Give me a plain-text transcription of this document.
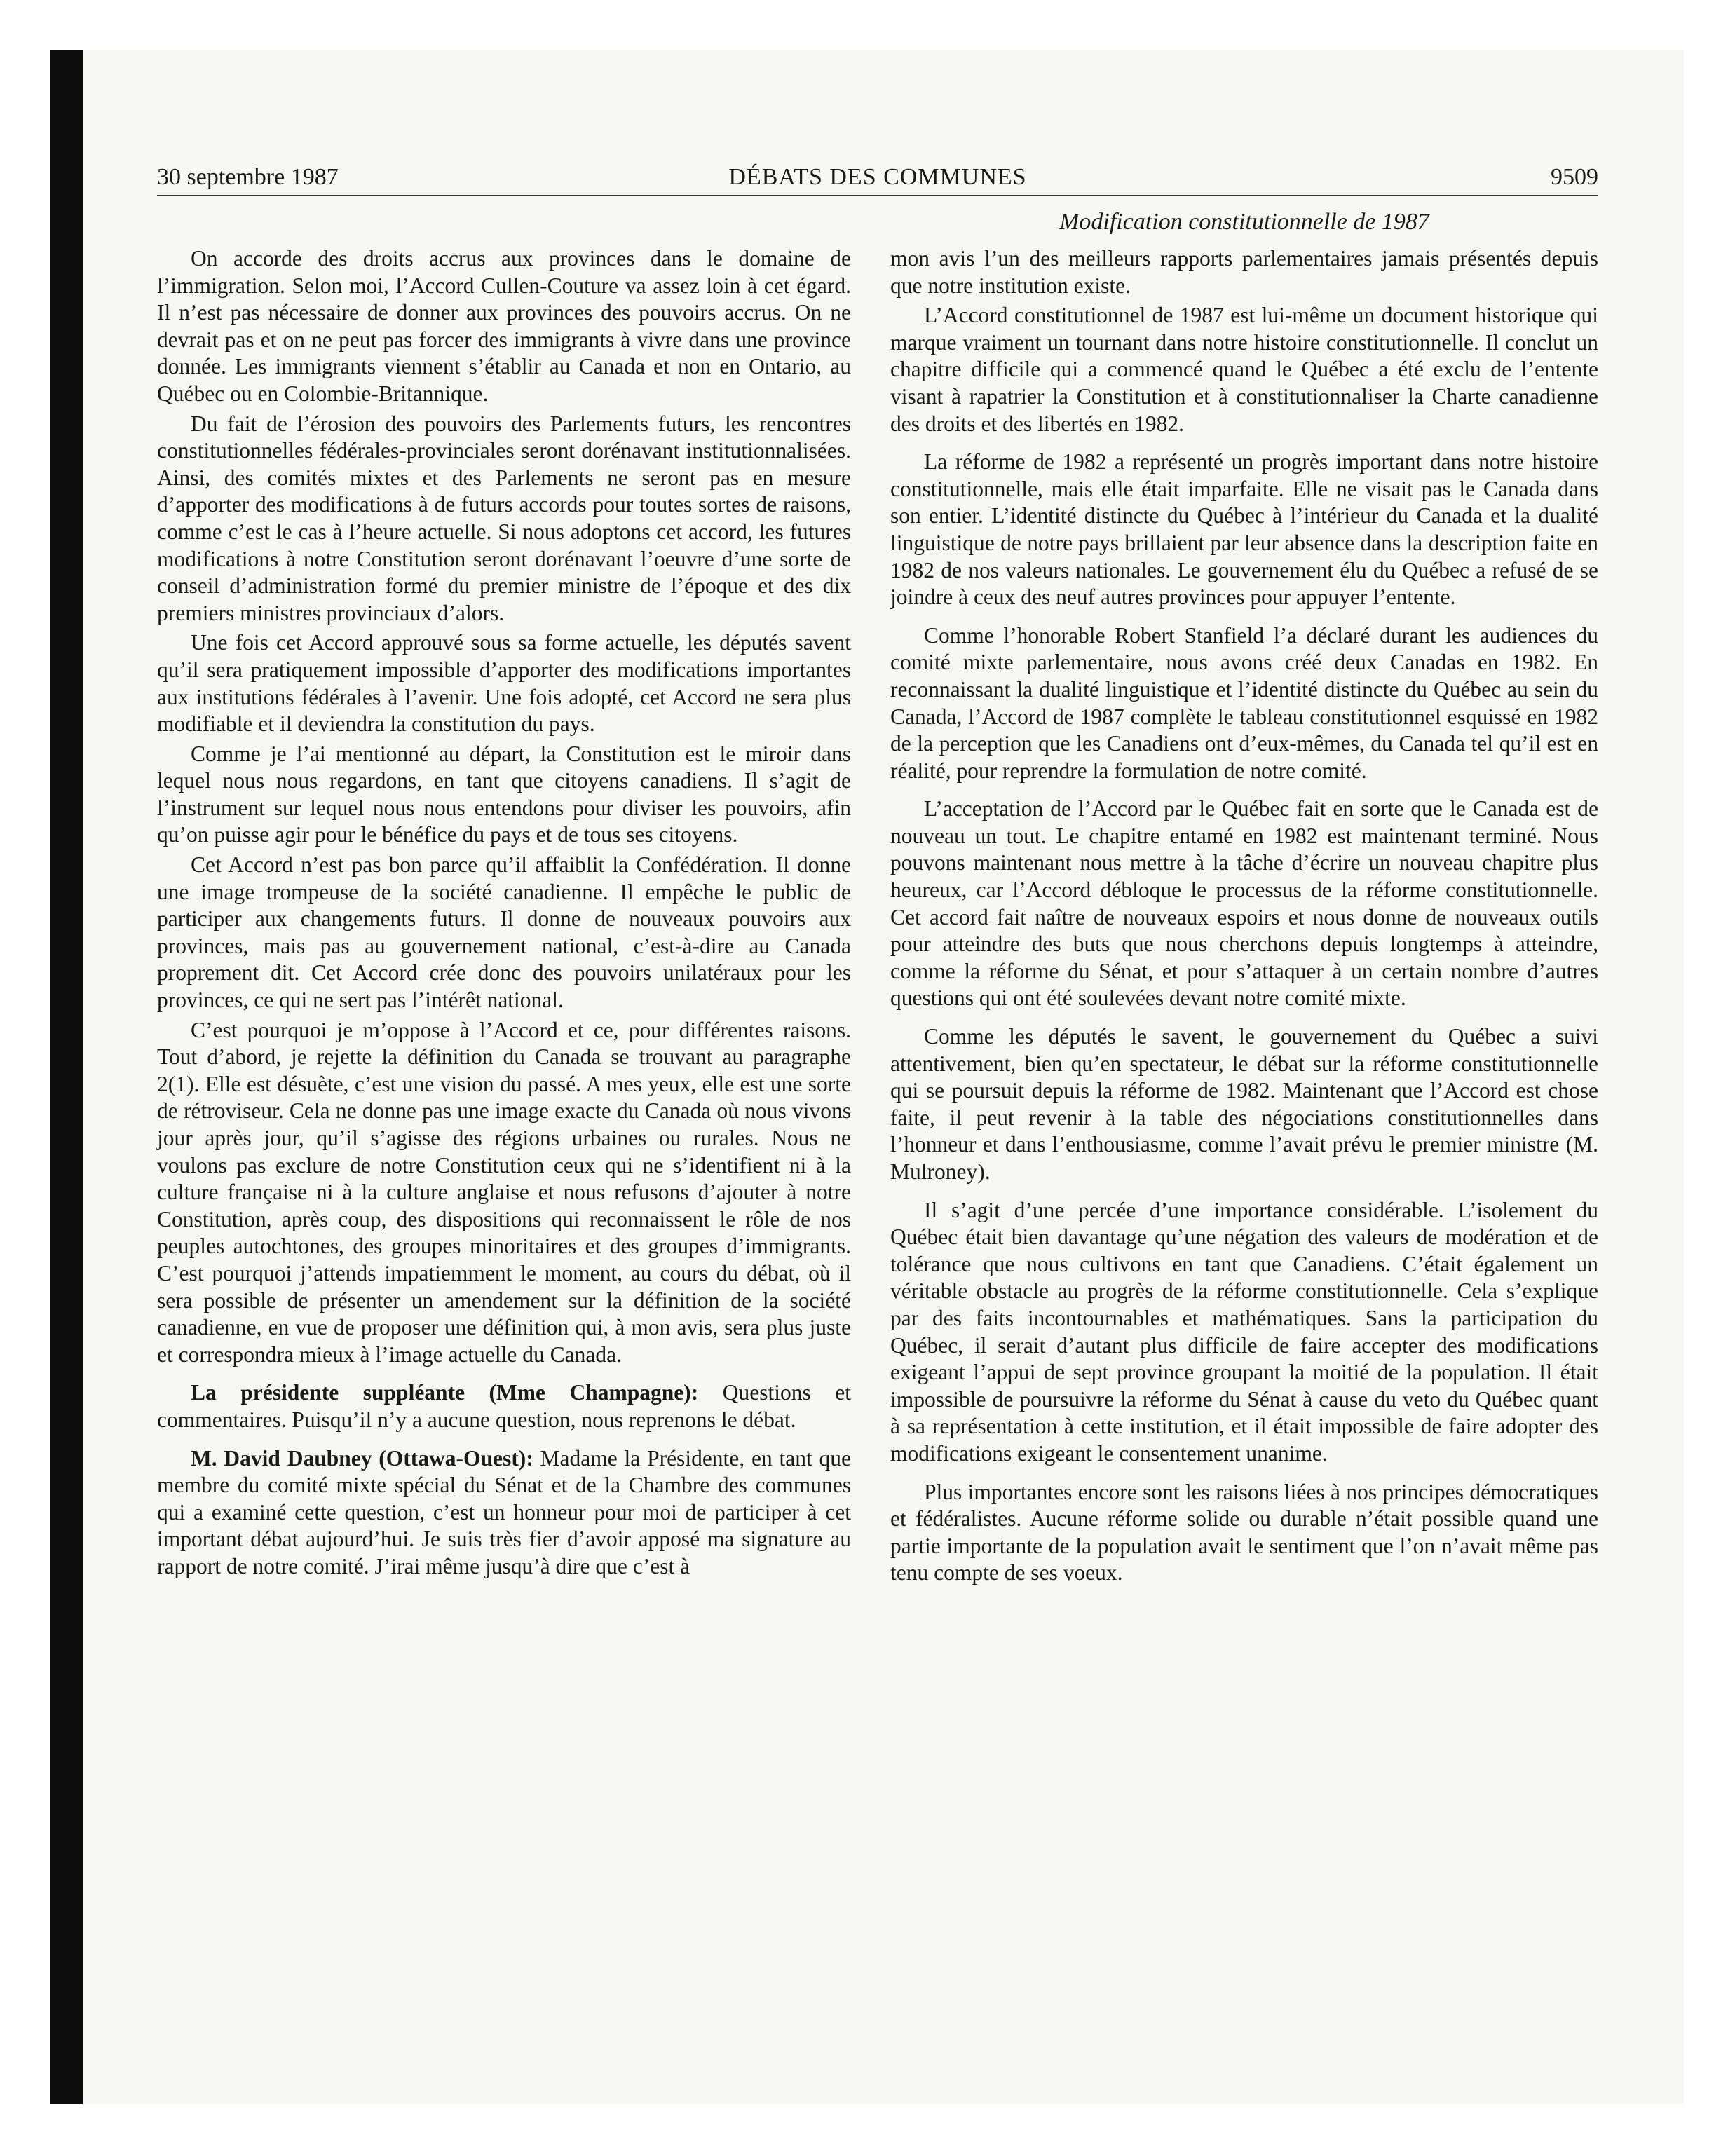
30 septembre 1987	DÉBATS DES COMMUNES	9509
Modification constitutionnelle de 1987

On accorde des droits accrus aux provinces dans le domaine de l’immigration. Selon moi, l’Accord Cullen-Couture va assez loin à cet égard. Il n’est pas nécessaire de donner aux provinces des pouvoirs accrus. On ne devrait pas et on ne peut pas forcer des immigrants à vivre dans une province donnée. Les immigrants viennent s’établir au Canada et non en Ontario, au Québec ou en Colombie-Britannique.

Du fait de l’érosion des pouvoirs des Parlements futurs, les rencontres constitutionnelles fédérales-provinciales seront dorénavant institutionnalisées. Ainsi, des comités mixtes et des Parlements ne seront pas en mesure d’apporter des modifications à de futurs accords pour toutes sortes de raisons, comme c’est le cas à l’heure actuelle. Si nous adoptons cet accord, les futures modifications à notre Constitution seront dorénavant l’oeuvre d’une sorte de conseil d’administration formé du premier ministre de l’époque et des dix premiers ministres provinciaux d’alors.

Une fois cet Accord approuvé sous sa forme actuelle, les députés savent qu’il sera pratiquement impossible d’apporter des modifications importantes aux institutions fédérales à l’avenir. Une fois adopté, cet Accord ne sera plus modifiable et il deviendra la constitution du pays.

Comme je l’ai mentionné au départ, la Constitution est le miroir dans lequel nous nous regardons, en tant que citoyens canadiens. Il s’agit de l’instrument sur lequel nous nous entendons pour diviser les pouvoirs, afin qu’on puisse agir pour le bénéfice du pays et de tous ses citoyens.

Cet Accord n’est pas bon parce qu’il affaiblit la Confédération. Il donne une image trompeuse de la société canadienne. Il empêche le public de participer aux changements futurs. Il donne de nouveaux pouvoirs aux provinces, mais pas au gouvernement national, c’est-à-dire au Canada proprement dit. Cet Accord crée donc des pouvoirs unilatéraux pour les provinces, ce qui ne sert pas l’intérêt national.

C’est pourquoi je m’oppose à l’Accord et ce, pour différentes raisons. Tout d’abord, je rejette la définition du Canada se trouvant au paragraphe 2(1). Elle est désuète, c’est une vision du passé. A mes yeux, elle est une sorte de rétroviseur. Cela ne donne pas une image exacte du Canada où nous vivons jour après jour, qu’il s’agisse des régions urbaines ou rurales. Nous ne voulons pas exclure de notre Constitution ceux qui ne s’identifient ni à la culture française ni à la culture anglaise et nous refusons d’ajouter à notre Constitution, après coup, des dispositions qui reconnaissent le rôle de nos peuples autochtones, des groupes minoritaires et des groupes d’immigrants. C’est pourquoi j’attends impatiemment le moment, au cours du débat, où il sera possible de présenter un amendement sur la définition de la société canadienne, en vue de proposer une définition qui, à mon avis, sera plus juste et correspondra mieux à l’image actuelle du Canada.

La présidente suppléante (Mme Champagne): Questions et commentaires. Puisqu’il n’y a aucune question, nous reprenons le débat.

M. David Daubney (Ottawa-Ouest): Madame la Présidente, en tant que membre du comité mixte spécial du Sénat et de la Chambre des communes qui a examiné cette question, c’est un honneur pour moi de participer à cet important débat aujourd’hui. Je suis très fier d’avoir apposé ma signature au rapport de notre comité. J’irai même jusqu’à dire que c’est à

mon avis l’un des meilleurs rapports parlementaires jamais présentés depuis que notre institution existe.

L’Accord constitutionnel de 1987 est lui-même un document historique qui marque vraiment un tournant dans notre histoire constitutionnelle. Il conclut un chapitre difficile qui a commencé quand le Québec a été exclu de l’entente visant à rapatrier la Constitution et à constitutionnaliser la Charte canadienne des droits et des libertés en 1982.

La réforme de 1982 a représenté un progrès important dans notre histoire constitutionnelle, mais elle était imparfaite. Elle ne visait pas le Canada dans son entier. L’identité distincte du Québec à l’intérieur du Canada et la dualité linguistique de notre pays brillaient par leur absence dans la description faite en 1982 de nos valeurs nationales. Le gouvernement élu du Québec a refusé de se joindre à ceux des neuf autres provinces pour appuyer l’entente.

Comme l’honorable Robert Stanfield l’a déclaré durant les audiences du comité mixte parlementaire, nous avons créé deux Canadas en 1982. En reconnaissant la dualité linguistique et l’identité distincte du Québec au sein du Canada, l’Accord de 1987 complète le tableau constitutionnel esquissé en 1982 de la perception que les Canadiens ont d’eux-mêmes, du Canada tel qu’il est en réalité, pour reprendre la formulation de notre comité.

L’acceptation de l’Accord par le Québec fait en sorte que le Canada est de nouveau un tout. Le chapitre entamé en 1982 est maintenant terminé. Nous pouvons maintenant nous mettre à la tâche d’écrire un nouveau chapitre plus heureux, car l’Accord débloque le processus de la réforme constitutionnelle. Cet accord fait naître de nouveaux espoirs et nous donne de nouveaux outils pour atteindre des buts que nous cherchons depuis longtemps à atteindre, comme la réforme du Sénat, et pour s’attaquer à un certain nombre d’autres questions qui ont été soulevées devant notre comité mixte.

Comme les députés le savent, le gouvernement du Québec a suivi attentivement, bien qu’en spectateur, le débat sur la réforme constitutionnelle qui se poursuit depuis la réforme de 1982. Maintenant que l’Accord est chose faite, il peut revenir à la table des négociations constitutionnelles dans l’honneur et dans l’enthousiasme, comme l’avait prévu le premier ministre (M. Mulroney).

Il s’agit d’une percée d’une importance considérable. L’isolement du Québec était bien davantage qu’une négation des valeurs de modération et de tolérance que nous cultivons en tant que Canadiens. C’était également un véritable obstacle au progrès de la réforme constitutionnelle. Cela s’explique par des faits incontournables et mathématiques. Sans la participation du Québec, il serait d’autant plus difficile de faire accepter des modifications exigeant l’appui de sept province groupant la moitié de la population. Il était impossible de poursuivre la réforme du Sénat à cause du veto du Québec quant à sa représentation à cette institution, et il était impossible de faire adopter des modifications exigeant le consentement unanime.

Plus importantes encore sont les raisons liées à nos principes démocratiques et fédéralistes. Aucune réforme solide ou durable n’était possible quand une partie importante de la population avait le sentiment que l’on n’avait même pas tenu compte de ses voeux.
